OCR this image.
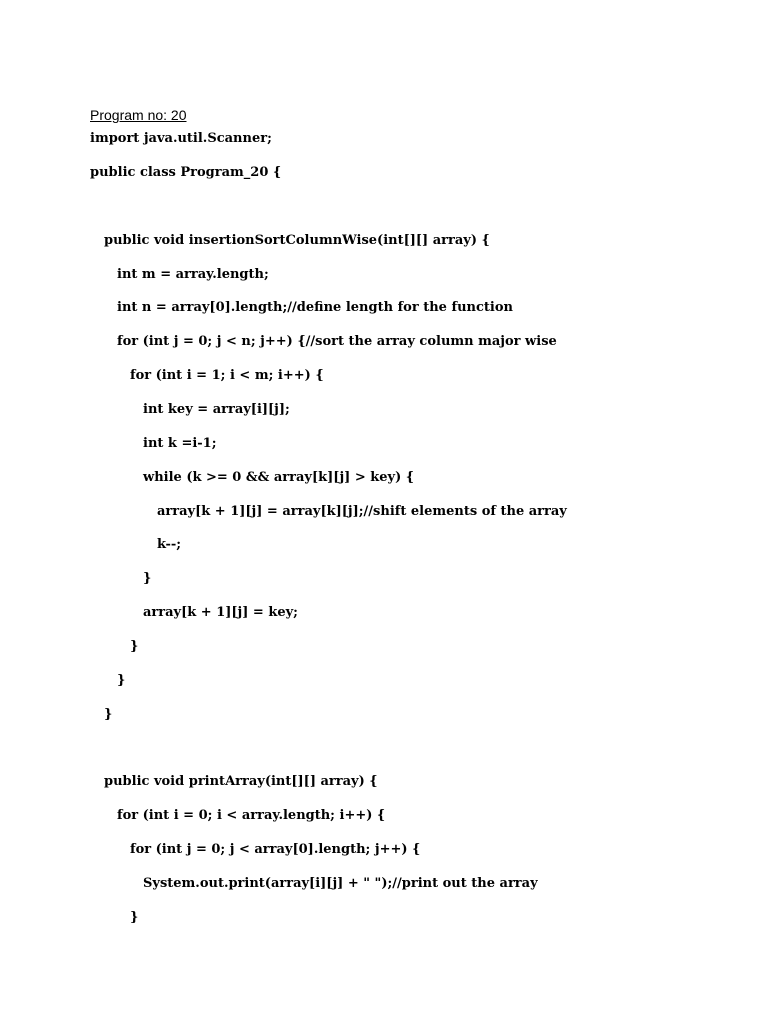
Program no: 20
import java.util.Scanner;
public class Program_20 {
public void insertionSortColumnWise(int[][] array) {
int m = array.length;
int n = array[0].length;//define length for the function
for (int j = 0; j < n; j++) {//sort the array column major wise
for (int i = 1; i < m; i++) {
int key = array[i][j];
int k =i-1;
while (k >= 0 && array[k][j] > key) {
array[k + 1][j] = array[k][j];//shift elements of the array
k--;
}
array[k + 1][j] = key;
}
}
}
public void printArray(int[][] array) {
for (int i = 0; i < array.length; i++) {
for (int j = 0; j < array[0].length; j++) {
System.out.print(array[i][j] + " ");//print out the array
}
